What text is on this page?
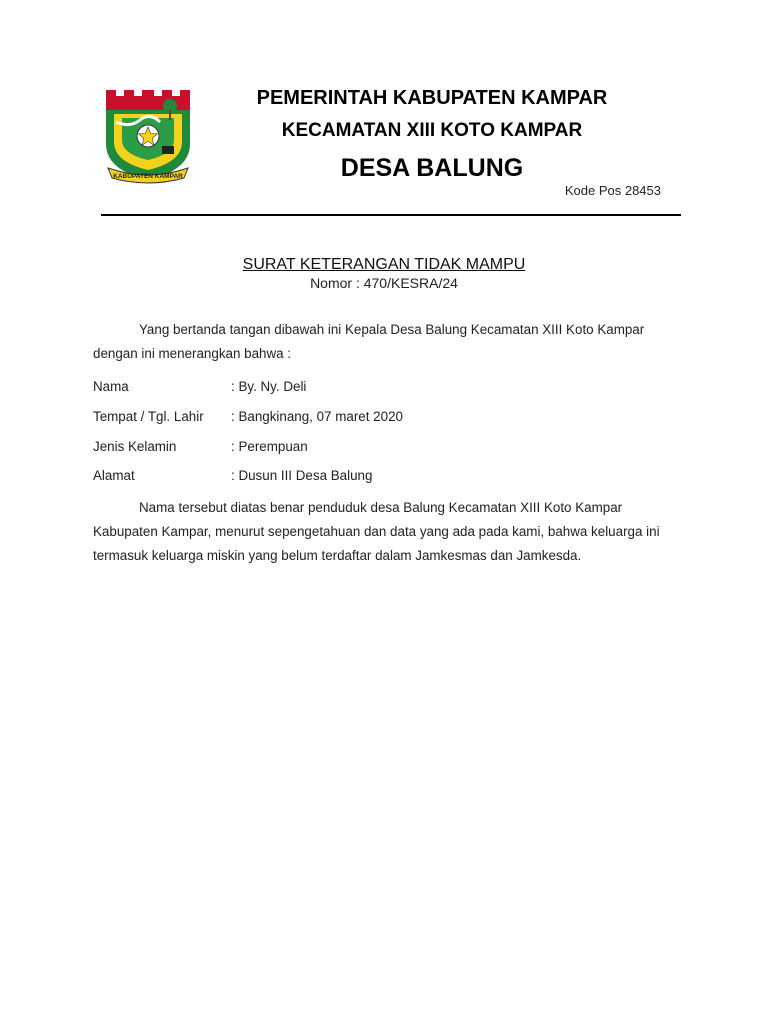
KABUPATEN KAMPAR
PEMERINTAH KABUPATEN KAMPAR
KECAMATAN XIII KOTO KAMPAR
DESA BALUNG
Kode Pos 28453
SURAT KETERANGAN TIDAK MAMPU
Nomor : 470/KESRA/24
Yang bertanda tangan dibawah ini Kepala Desa Balung Kecamatan XIII Koto Kampar dengan ini menerangkan bahwa :
Nama	: By. Ny. Deli
Tempat / Tgl. Lahir : Bangkinang, 07 maret 2020
Jenis Kelamin	: Perempuan
Alamat	: Dusun III Desa Balung
Nama tersebut diatas benar penduduk desa Balung Kecamatan XIII Koto Kampar Kabupaten Kampar, menurut sepengetahuan dan data yang ada pada kami, bahwa keluarga ini termasuk keluarga miskin yang belum terdaftar dalam Jamkesmas dan Jamkesda.
